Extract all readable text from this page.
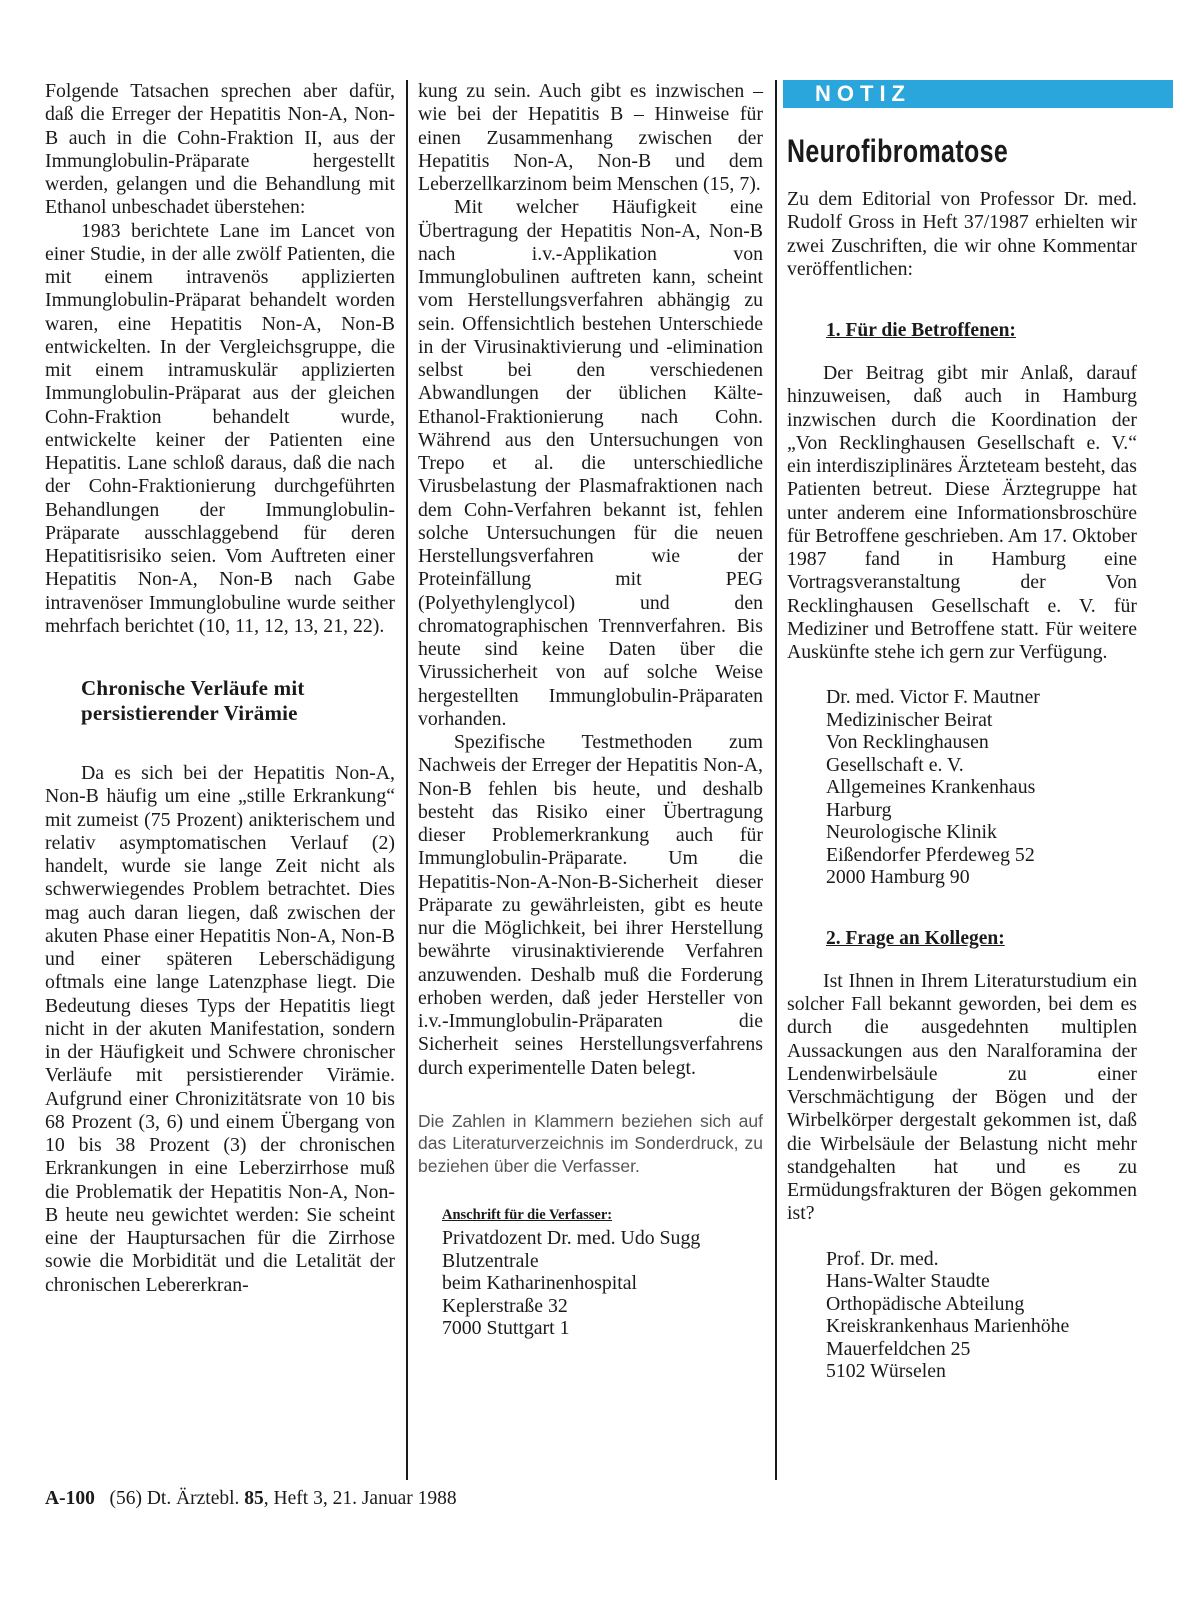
Folgende Tatsachen sprechen aber dafür, daß die Erreger der Hepatitis Non-A, Non-B auch in die Cohn-Fraktion II, aus der Immunglobulin-Präparate hergestellt werden, gelangen und die Behandlung mit Ethanol unbeschadet überstehen:

1983 berichtete Lane im Lancet von einer Studie, in der alle zwölf Patienten, die mit einem intravenös applizierten Immunglobulin-Präparat behandelt worden waren, eine Hepatitis Non-A, Non-B entwickelten. In der Vergleichsgruppe, die mit einem intramuskulär applizierten Immunglobulin-Präparat aus der gleichen Cohn-Fraktion behandelt wurde, entwickelte keiner der Patienten eine Hepatitis. Lane schloß daraus, daß die nach der Cohn-Fraktionierung durchgeführten Behandlungen der Immunglobulin-Präparate ausschlaggebend für deren Hepatitisrisiko seien. Vom Auftreten einer Hepatitis Non-A, Non-B nach Gabe intravenöser Immunglobuline wurde seither mehrfach berichtet (10, 11, 12, 13, 21, 22).

Chronische Verläufe mit persistierender Virämie

Da es sich bei der Hepatitis Non-A, Non-B häufig um eine „stille Erkrankung“ mit zumeist (75 Prozent) anikterischem und relativ asymptomatischen Verlauf (2) handelt, wurde sie lange Zeit nicht als schwerwiegendes Problem betrachtet. Dies mag auch daran liegen, daß zwischen der akuten Phase einer Hepatitis Non-A, Non-B und einer späteren Leberschädigung oftmals eine lange Latenzphase liegt. Die Bedeutung dieses Typs der Hepatitis liegt nicht in der akuten Manifestation, sondern in der Häufigkeit und Schwere chronischer Verläufe mit persistierender Virämie. Aufgrund einer Chronizitätsrate von 10 bis 68 Prozent (3, 6) und einem Übergang von 10 bis 38 Prozent (3) der chronischen Erkrankungen in eine Leberzirrhose muß die Problematik der Hepatitis Non-A, Non-B heute neu gewichtet werden: Sie scheint eine der Hauptursachen für die Zirrhose sowie die Morbidität und die Letalität der chronischen Lebererkran-

kung zu sein. Auch gibt es inzwischen – wie bei der Hepatitis B – Hinweise für einen Zusammenhang zwischen der Hepatitis Non-A, Non-B und dem Leberzellkarzinom beim Menschen (15, 7).

Mit welcher Häufigkeit eine Übertragung der Hepatitis Non-A, Non-B nach i.v.-Applikation von Immunglobulinen auftreten kann, scheint vom Herstellungsverfahren abhängig zu sein. Offensichtlich bestehen Unterschiede in der Virusinaktivierung und -elimination selbst bei den verschiedenen Abwandlungen der üblichen Kälte-Ethanol-Fraktionierung nach Cohn. Während aus den Untersuchungen von Trepo et al. die unterschiedliche Virusbelastung der Plasmafraktionen nach dem Cohn-Verfahren bekannt ist, fehlen solche Untersuchungen für die neuen Herstellungsverfahren wie der Proteinfällung mit PEG (Polyethylenglycol) und den chromatographischen Trennverfahren. Bis heute sind keine Daten über die Virussicherheit von auf solche Weise hergestellten Immunglobulin-Präparaten vorhanden.

Spezifische Testmethoden zum Nachweis der Erreger der Hepatitis Non-A, Non-B fehlen bis heute, und deshalb besteht das Risiko einer Übertragung dieser Problemerkrankung auch für Immunglobulin-Präparate. Um die Hepatitis-Non-A-Non-B-Sicherheit dieser Präparate zu gewährleisten, gibt es heute nur die Möglichkeit, bei ihrer Herstellung bewährte virusinaktivierende Verfahren anzuwenden. Deshalb muß die Forderung erhoben werden, daß jeder Hersteller von i.v.-Immunglobulin-Präparaten die Sicherheit seines Herstellungsverfahrens durch experimentelle Daten belegt.

Die Zahlen in Klammern beziehen sich auf das Literaturverzeichnis im Sonderdruck, zu beziehen über die Verfasser.

Anschrift für die Verfasser:
Privatdozent Dr. med. Udo Sugg
Blutzentrale
beim Katharinenhospital
Keplerstraße 32
7000 Stuttgart 1
NOTIZ
Neurofibromatose

Zu dem Editorial von Professor Dr. med. Rudolf Gross in Heft 37/1987 erhielten wir zwei Zuschriften, die wir ohne Kommentar veröffentlichen:

1. Für die Betroffenen:

Der Beitrag gibt mir Anlaß, darauf hinzuweisen, daß auch in Hamburg inzwischen durch die Koordination der „Von Recklinghausen Gesellschaft e. V.“ ein interdisziplinäres Ärzteteam besteht, das Patienten betreut. Diese Ärztegruppe hat unter anderem eine Informationsbroschüre für Betroffene geschrieben. Am 17. Oktober 1987 fand in Hamburg eine Vortragsveranstaltung der Von Recklinghausen Gesellschaft e. V. für Mediziner und Betroffene statt. Für weitere Auskünfte stehe ich gern zur Verfügung.

Dr. med. Victor F. Mautner
Medizinischer Beirat
Von Recklinghausen
Gesellschaft e. V.
Allgemeines Krankenhaus
Harburg
Neurologische Klinik
Eißendorfer Pferdeweg 52
2000 Hamburg 90
2. Frage an Kollegen:

Ist Ihnen in Ihrem Literaturstudium ein solcher Fall bekannt geworden, bei dem es durch die ausgedehnten multiplen Aussackungen aus den Naralforamina der Lendenwirbelsäule zu einer Verschmächtigung der Bögen und der Wirbelkörper dergestalt gekommen ist, daß die Wirbelsäule der Belastung nicht mehr standgehalten hat und es zu Ermüdungsfrakturen der Bögen gekommen ist?

Prof. Dr. med.
Hans-Walter Staudte
Orthopädische Abteilung
Kreiskrankenhaus Marienhöhe
Mauerfeldchen 25
5102 Würselen
A-100 (56) Dt. Ärztebl. 85, Heft 3, 21. Januar 1988
